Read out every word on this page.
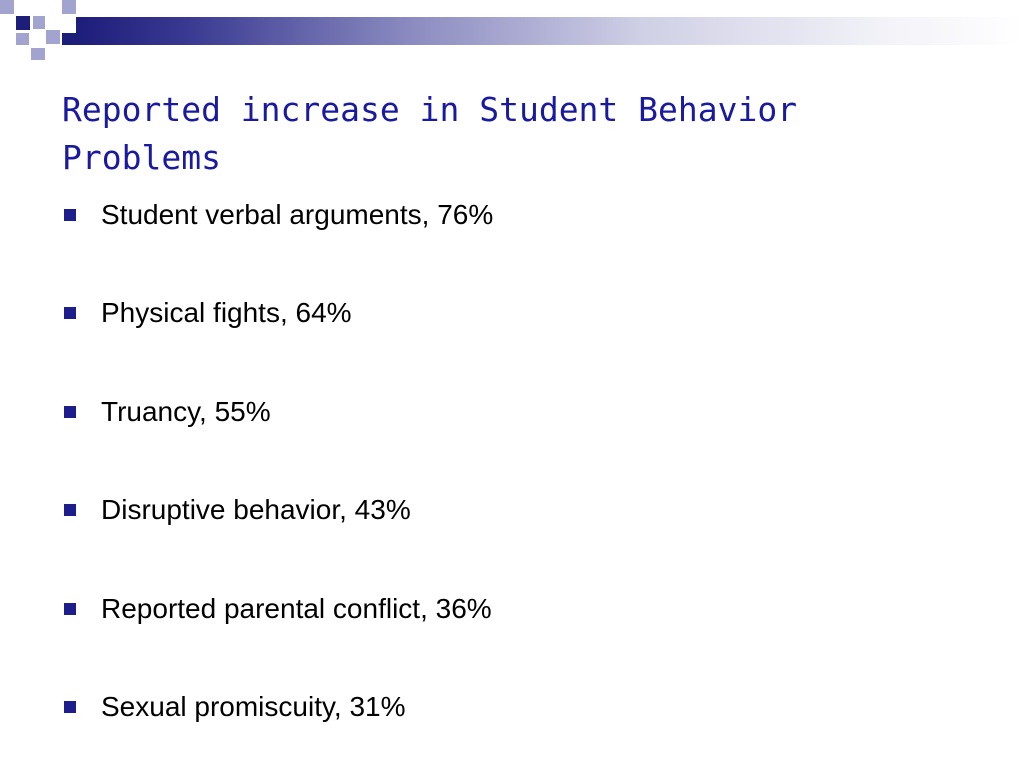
Reported increase in Student Behavior Problems
Student verbal arguments, 76%
Physical fights, 64%
Truancy, 55%
Disruptive behavior, 43%
Reported parental conflict, 36%
Sexual promiscuity, 31%
